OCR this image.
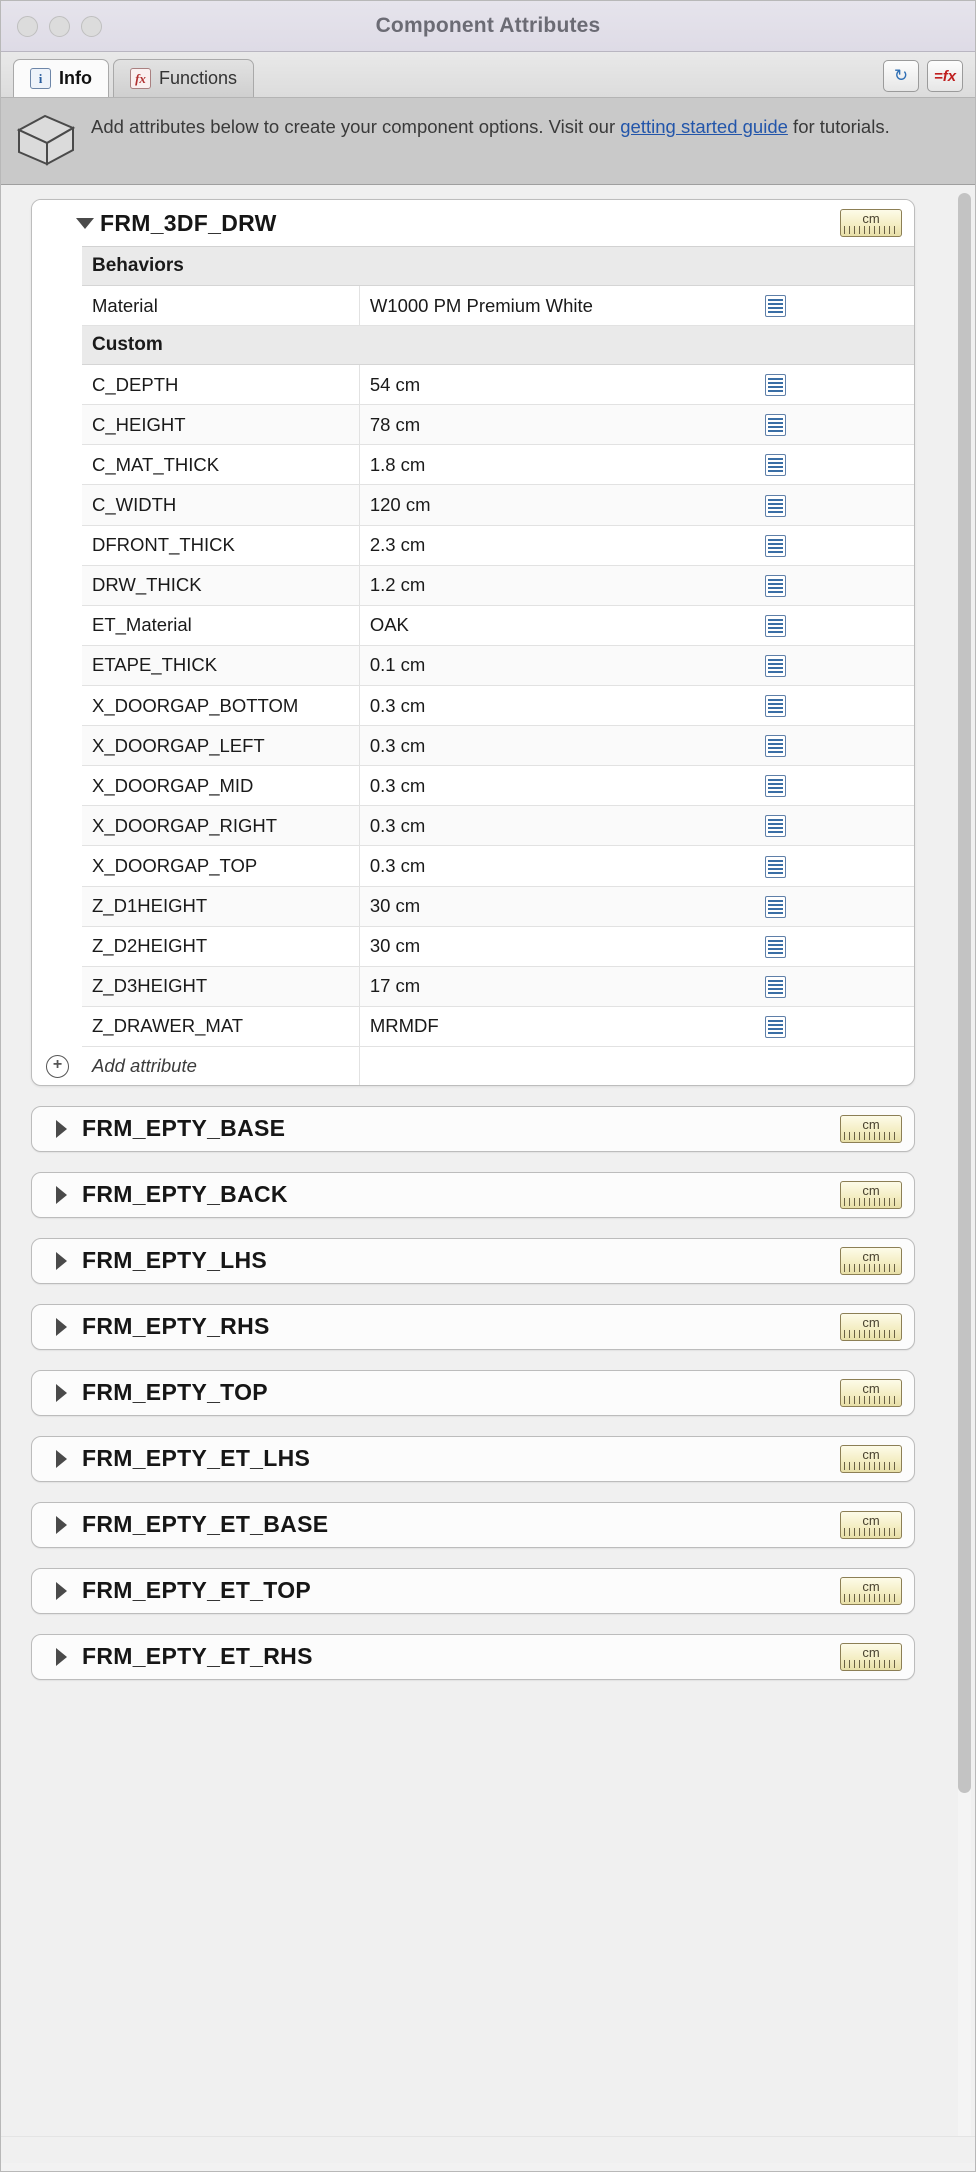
Component Attributes
i Info	fx Functions	↻	=fx
Add attributes below to create your component options. Visit our getting started guide for tutorials.
FRM_3DF_DRW	cm
Behaviors		
Material	W1000 PM Premium White	
Custom		
C_DEPTH	54 cm	
C_HEIGHT	78 cm	
C_MAT_THICK	1.8 cm	
C_WIDTH	120 cm	
DFRONT_THICK	2.3 cm	
DRW_THICK	1.2 cm	
ET_Material	OAK	
ETAPE_THICK	0.1 cm	
X_DOORGAP_BOTTOM	0.3 cm	
X_DOORGAP_LEFT	0.3 cm	
X_DOORGAP_MID	0.3 cm	
X_DOORGAP_RIGHT	0.3 cm	
X_DOORGAP_TOP	0.3 cm	
Z_D1HEIGHT	30 cm	
Z_D2HEIGHT	30 cm	
Z_D3HEIGHT	17 cm	
Z_DRAWER_MAT	MRMDF	

+ Add attribute		
FRM_EPTY_BASE	cm
FRM_EPTY_BACK	cm
FRM_EPTY_LHS	cm
FRM_EPTY_RHS	cm
FRM_EPTY_TOP	cm
FRM_EPTY_ET_LHS	cm
FRM_EPTY_ET_BASE	cm
FRM_EPTY_ET_TOP	cm
FRM_EPTY_ET_RHS	cm
